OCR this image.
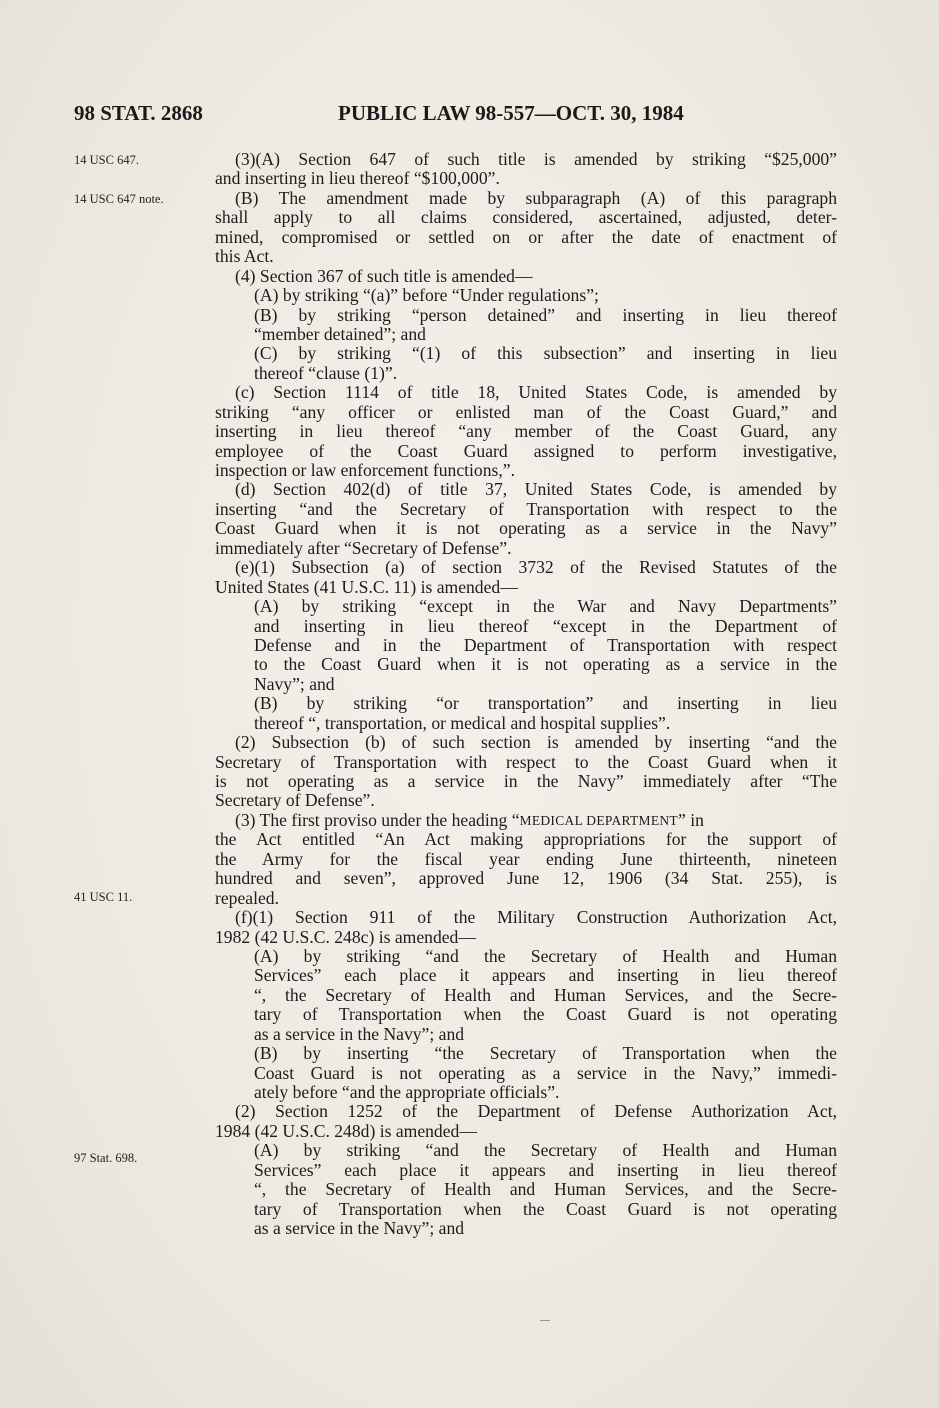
98 STAT. 2868	PUBLIC LAW 98-557—OCT. 30, 1984
14 USC 647.
14 USC 647 note.
41 USC 11.
97 Stat. 698.
(3)(A) Section 647 of such title is amended by striking “$25,000”
and inserting in lieu thereof “$100,000”.
(B) The amendment made by subparagraph (A) of this paragraph
shall apply to all claims considered, ascertained, adjusted, deter-
mined, compromised or settled on or after the date of enactment of
this Act.
(4) Section 367 of such title is amended—
(A) by striking “(a)” before “Under regulations”;
(B) by striking “person detained” and inserting in lieu thereof
“member detained”; and
(C) by striking “(1) of this subsection” and inserting in lieu
thereof “clause (1)”.
(c) Section 1114 of title 18, United States Code, is amended by
striking “any officer or enlisted man of the Coast Guard,” and
inserting in lieu thereof “any member of the Coast Guard, any
employee of the Coast Guard assigned to perform investigative,
inspection or law enforcement functions,”.
(d) Section 402(d) of title 37, United States Code, is amended by
inserting “and the Secretary of Transportation with respect to the
Coast Guard when it is not operating as a service in the Navy”
immediately after “Secretary of Defense”.
(e)(1) Subsection (a) of section 3732 of the Revised Statutes of the
United States (41 U.S.C. 11) is amended—
(A) by striking “except in the War and Navy Departments”
and inserting in lieu thereof “except in the Department of
Defense and in the Department of Transportation with respect
to the Coast Guard when it is not operating as a service in the
Navy”; and
(B) by striking “or transportation” and inserting in lieu
thereof “, transportation, or medical and hospital supplies”.
(2) Subsection (b) of such section is amended by inserting “and the
Secretary of Transportation with respect to the Coast Guard when it
is not operating as a service in the Navy” immediately after “The
Secretary of Defense”.
(3) The first proviso under the heading “ MEDICAL DEPARTMENT ” in
the Act entitled “An Act making appropriations for the support of
the Army for the fiscal year ending June thirteenth, nineteen
hundred and seven”, approved June 12, 1906 (34 Stat. 255), is
repealed.
(f)(1) Section 911 of the Military Construction Authorization Act,
1982 (42 U.S.C. 248c) is amended—
(A) by striking “and the Secretary of Health and Human
Services” each place it appears and inserting in lieu thereof
“, the Secretary of Health and Human Services, and the Secre-
tary of Transportation when the Coast Guard is not operating
as a service in the Navy”; and
(B) by inserting “the Secretary of Transportation when the
Coast Guard is not operating as a service in the Navy,” immedi-
ately before “and the appropriate officials”.
(2) Section 1252 of the Department of Defense Authorization Act,
1984 (42 U.S.C. 248d) is amended—
(A) by striking “and the Secretary of Health and Human
Services” each place it appears and inserting in lieu thereof
“, the Secretary of Health and Human Services, and the Secre-
tary of Transportation when the Coast Guard is not operating
as a service in the Navy”; and
